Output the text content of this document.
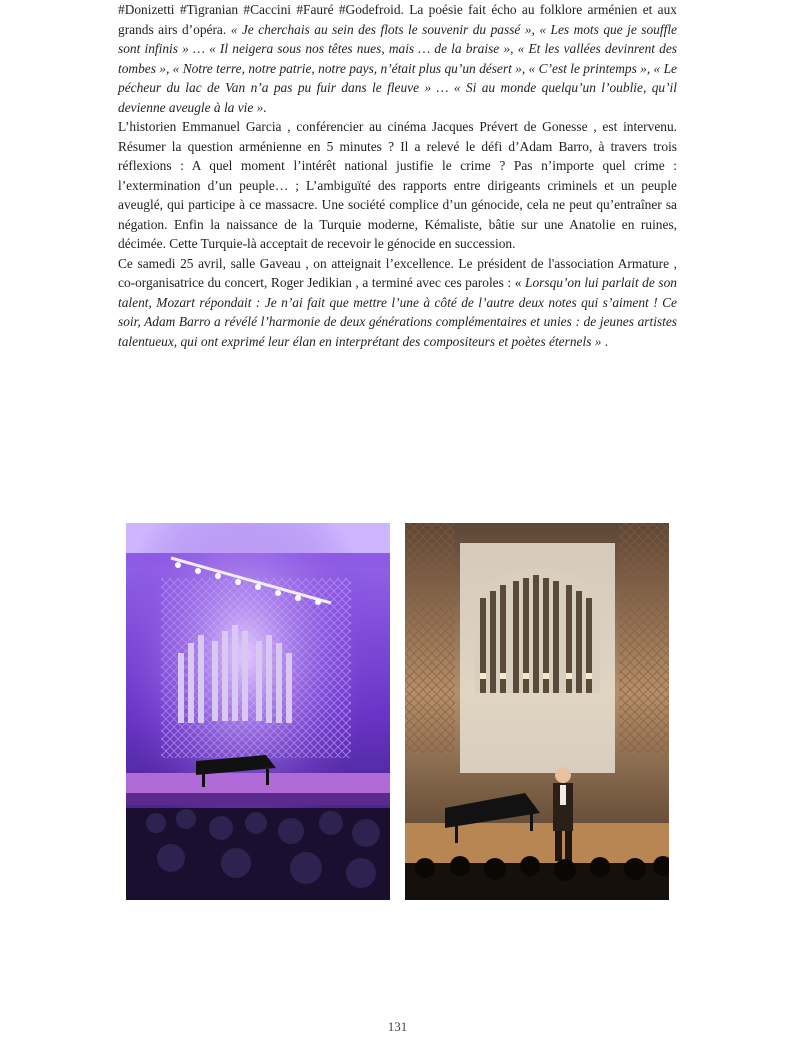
#Donizetti #Tigranian #Caccini #Fauré #Godefroid. La poésie fait écho au folklore arménien et aux grands airs d’opéra. « Je cherchais au sein des flots le souvenir du passé », « Les mots que je souffle sont infinis » … « Il neigera sous nos têtes nues, mais … de la braise », « Et les vallées devinrent des tombes », « Notre terre, notre patrie, notre pays, n’était plus qu’un désert », « C’est le printemps », « Le pécheur du lac de Van n’a pas pu fuir dans le fleuve » … « Si au monde quelqu’un l’oublie, qu’il devienne aveugle à la vie ».

L’historien Emmanuel Garcia , conférencier au cinéma Jacques Prévert de Gonesse , est intervenu. Résumer la question arménienne en 5 minutes ? Il a relevé le défi d’Adam Barro, à travers trois réflexions : A quel moment l’intérêt national justifie le crime ? Pas n’importe quel crime : l’extermination d’un peuple… ; L’ambiguïté des rapports entre dirigeants criminels et un peuple aveuglé, qui participe à ce massacre. Une société complice d’un génocide, cela ne peut qu’entraîner sa négation. Enfin la naissance de la Turquie moderne, Kémaliste, bâtie sur une Anatolie en ruines, décimée. Cette Turquie-là acceptait de recevoir le génocide en succession.

Ce samedi 25 avril, salle Gaveau , on atteignait l’excellence. Le président de l'association Armature , co-organisatrice du concert, Roger Jedikian , a terminé avec ces paroles : « Lorsqu’on lui parlait de son talent, Mozart répondait : Je n’ai fait que mettre l’une à côté de l’autre deux notes qui s’aiment ! Ce soir, Adam Barro a révélé l’harmonie de deux générations complémentaires et unies : de jeunes artistes talentueux, qui ont exprimé leur élan en interprétant des compositeurs et poètes éternels » .

131
